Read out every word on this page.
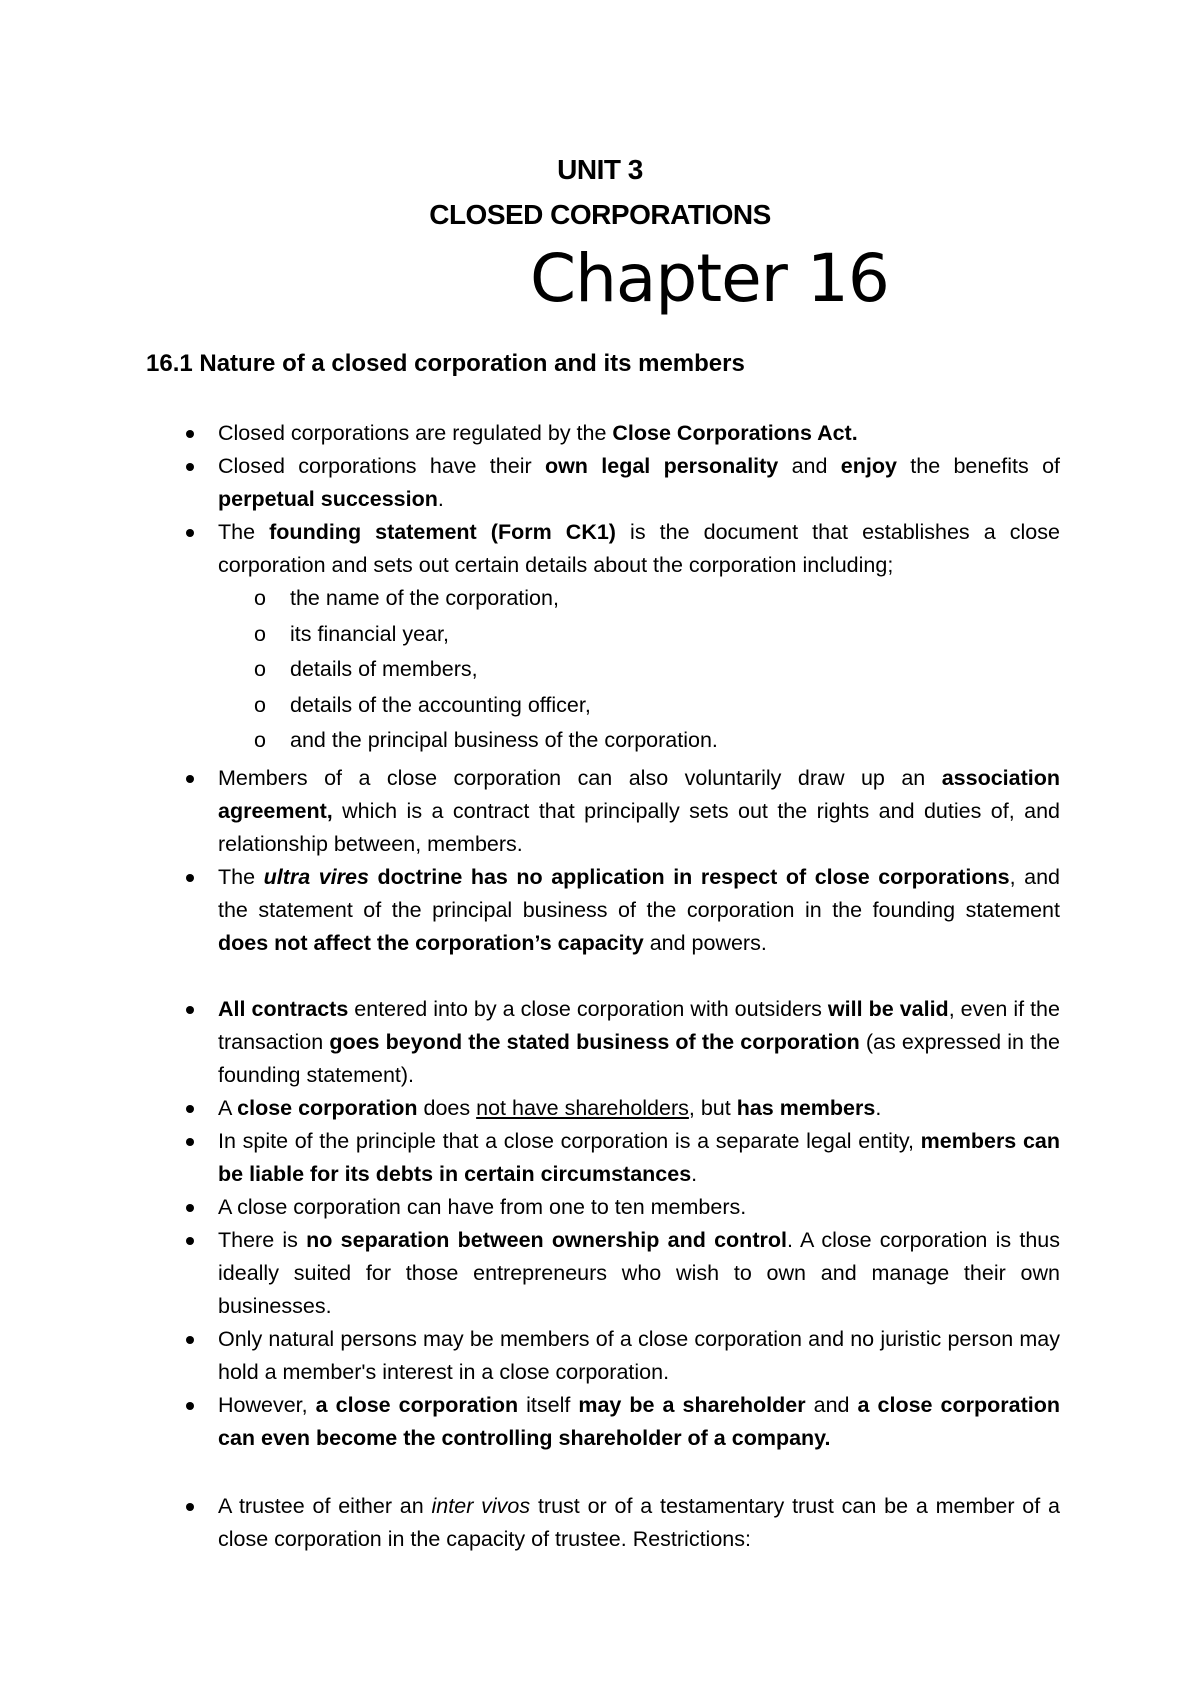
UNIT 3
CLOSED CORPORATIONS
Chapter 16
16.1 Nature of a closed corporation and its members
Closed corporations are regulated by the Close Corporations Act.
Closed corporations have their own legal personality and enjoy the benefits of perpetual succession.
The founding statement (Form CK1) is the document that establishes a close corporation and sets out certain details about the corporation including;
o the name of the corporation,
o its financial year,
o details of members,
o details of the accounting officer,
o and the principal business of the corporation.
Members of a close corporation can also voluntarily draw up an association agreement, which is a contract that principally sets out the rights and duties of, and relationship between, members.
The ultra vires doctrine has no application in respect of close corporations, and the statement of the principal business of the corporation in the founding statement does not affect the corporation’s capacity and powers.
All contracts entered into by a close corporation with outsiders will be valid, even if the transaction goes beyond the stated business of the corporation (as expressed in the founding statement).
A close corporation does not have shareholders, but has members.
In spite of the principle that a close corporation is a separate legal entity, members can be liable for its debts in certain circumstances.
A close corporation can have from one to ten members.
There is no separation between ownership and control. A close corporation is thus ideally suited for those entrepreneurs who wish to own and manage their own businesses.
Only natural persons may be members of a close corporation and no juristic person may hold a member's interest in a close corporation.
However, a close corporation itself may be a shareholder and a close corporation can even become the controlling shareholder of a company.
A trustee of either an inter vivos trust or of a testamentary trust can be a member of a close corporation in the capacity of trustee. Restrictions:
